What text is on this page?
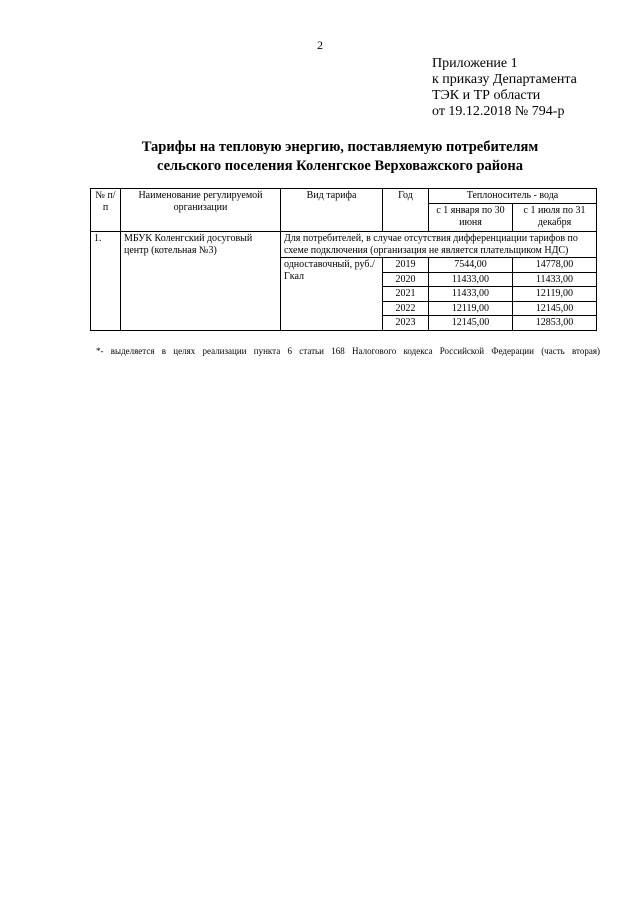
2
Приложение 1
к приказу Департамента
ТЭК и ТР области
от 19.12.2018 № 794-р
Тарифы на тепловую энергию, поставляемую потребителям
сельского поселения Коленгское Верховажского района
№ п/п	Наименование регулируемой организации	Вид тарифа	Год	Теплоноситель - вода	
				с 1 января по 30 июня	с 1 июля по 31 декабря
1.	МБУК Коленгский досуговый центр (котельная №3)	Для потребителей, в случае отсутствия дифференциации тарифов по схеме подключения (организация не является плательщиком НДС)			
		одноставочный, руб./Гкал	2019	7544,00	14778,00
			2020	11433,00	11433,00
			2021	11433,00	12119,00
			2022	12119,00	12145,00
			2023	12145,00	12853,00
*- выделяется в целях реализации пункта 6 статьи 168 Налогового кодекса Российской Федерации (часть вторая)
